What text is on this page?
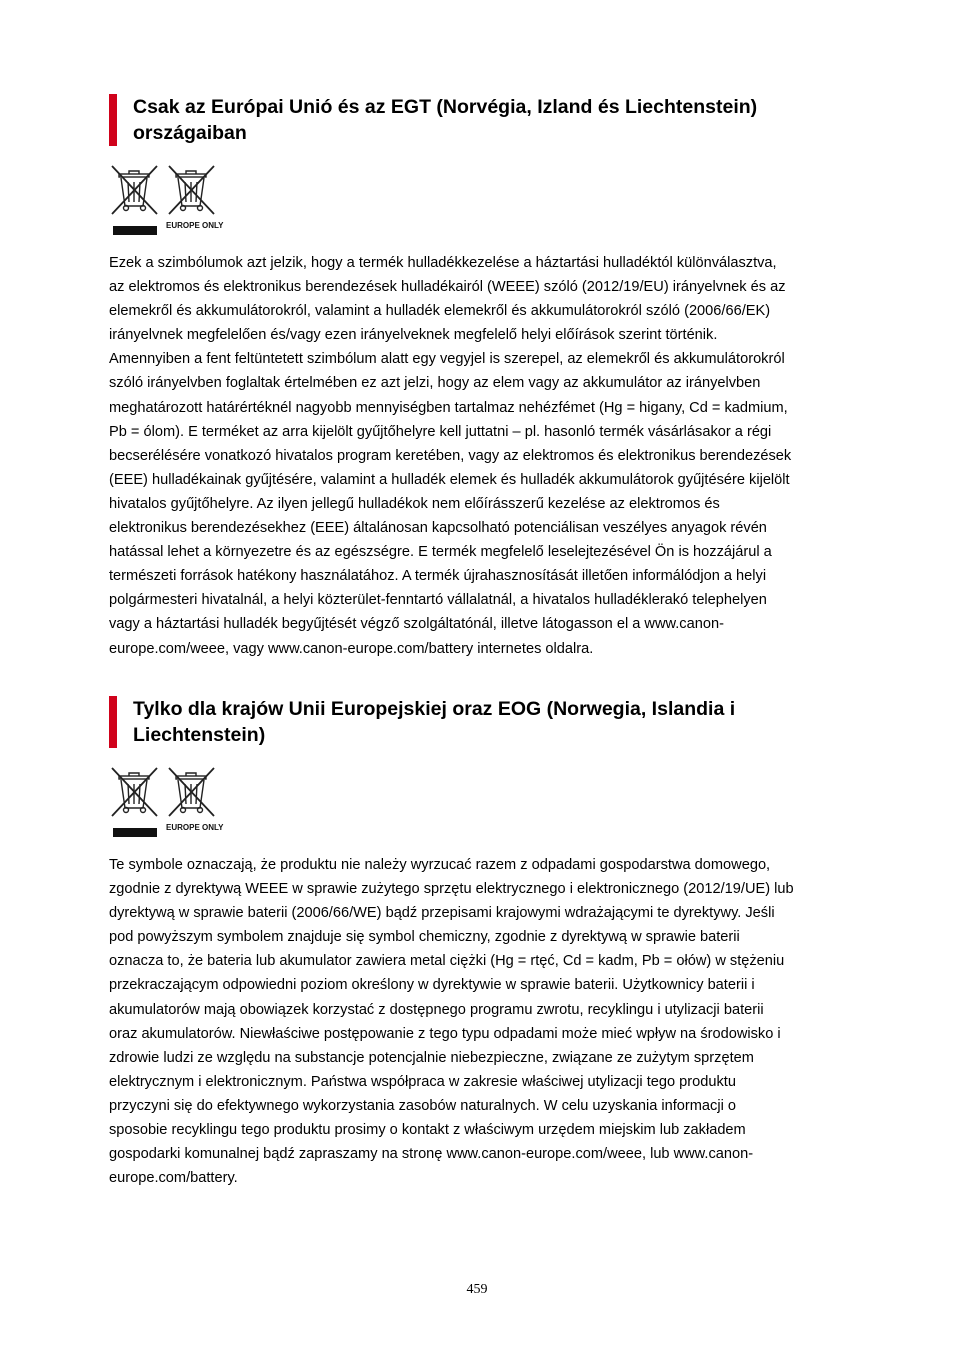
Csak az Európai Unió és az EGT (Norvégia, Izland és Liechtenstein) országaiban
EUROPE ONLY

Ezek a szimbólumok azt jelzik, hogy a termék hulladékkezelése a háztartási hulladéktól különválasztva,
az elektromos és elektronikus berendezések hulladékairól (WEEE) szóló (2012/19/EU) irányelvnek és az
elemekről és akkumulátorokról, valamint a hulladék elemekről és akkumulátorokról szóló (2006/66/EK)
irányelvnek megfelelően és/vagy ezen irányelveknek megfelelő helyi előírások szerint történik.
Amennyiben a fent feltüntetett szimbólum alatt egy vegyjel is szerepel, az elemekről és akkumulátorokról
szóló irányelvben foglaltak értelmében ez azt jelzi, hogy az elem vagy az akkumulátor az irányelvben
meghatározott határértéknél nagyobb mennyiségben tartalmaz nehézfémet (Hg = higany, Cd = kadmium,
Pb = ólom). E terméket az arra kijelölt gyűjtőhelyre kell juttatni – pl. hasonló termék vásárlásakor a régi
becserélésére vonatkozó hivatalos program keretében, vagy az elektromos és elektronikus berendezések
(EEE) hulladékainak gyűjtésére, valamint a hulladék elemek és hulladék akkumulátorok gyűjtésére kijelölt
hivatalos gyűjtőhelyre. Az ilyen jellegű hulladékok nem előírásszerű kezelése az elektromos és
elektronikus berendezésekhez (EEE) általánosan kapcsolható potenciálisan veszélyes anyagok révén
hatással lehet a környezetre és az egészségre. E termék megfelelő leselejtezésével Ön is hozzájárul a
természeti források hatékony használatához. A termék újrahasznosítását illetően informálódjon a helyi
polgármesteri hivatalnál, a helyi közterület-fenntartó vállalatnál, a hivatalos hulladéklerakó telephelyen
vagy a háztartási hulladék begyűjtését végző szolgáltatónál, illetve látogasson el a www.canon-
europe.com/weee, vagy www.canon-europe.com/battery internetes oldalra.

Tylko dla krajów Unii Europejskiej oraz EOG (Norwegia, Islandia i Liechtenstein)
EUROPE ONLY

Te symbole oznaczają, że produktu nie należy wyrzucać razem z odpadami gospodarstwa domowego,
zgodnie z dyrektywą WEEE w sprawie zużytego sprzętu elektrycznego i elektronicznego (2012/19/UE) lub
dyrektywą w sprawie baterii (2006/66/WE) bądź przepisami krajowymi wdrażającymi te dyrektywy. Jeśli
pod powyższym symbolem znajduje się symbol chemiczny, zgodnie z dyrektywą w sprawie baterii
oznacza to, że bateria lub akumulator zawiera metal ciężki (Hg = rtęć, Cd = kadm, Pb = ołów) w stężeniu
przekraczającym odpowiedni poziom określony w dyrektywie w sprawie baterii. Użytkownicy baterii i
akumulatorów mają obowiązek korzystać z dostępnego programu zwrotu, recyklingu i utylizacji baterii
oraz akumulatorów. Niewłaściwe postępowanie z tego typu odpadami może mieć wpływ na środowisko i
zdrowie ludzi ze względu na substancje potencjalnie niebezpieczne, związane ze zużytym sprzętem
elektrycznym i elektronicznym. Państwa współpraca w zakresie właściwej utylizacji tego produktu
przyczyni się do efektywnego wykorzystania zasobów naturalnych. W celu uzyskania informacji o
sposobie recyklingu tego produktu prosimy o kontakt z właściwym urzędem miejskim lub zakładem
gospodarki komunalnej bądź zapraszamy na stronę www.canon-europe.com/weee, lub www.canon-
europe.com/battery.

459
